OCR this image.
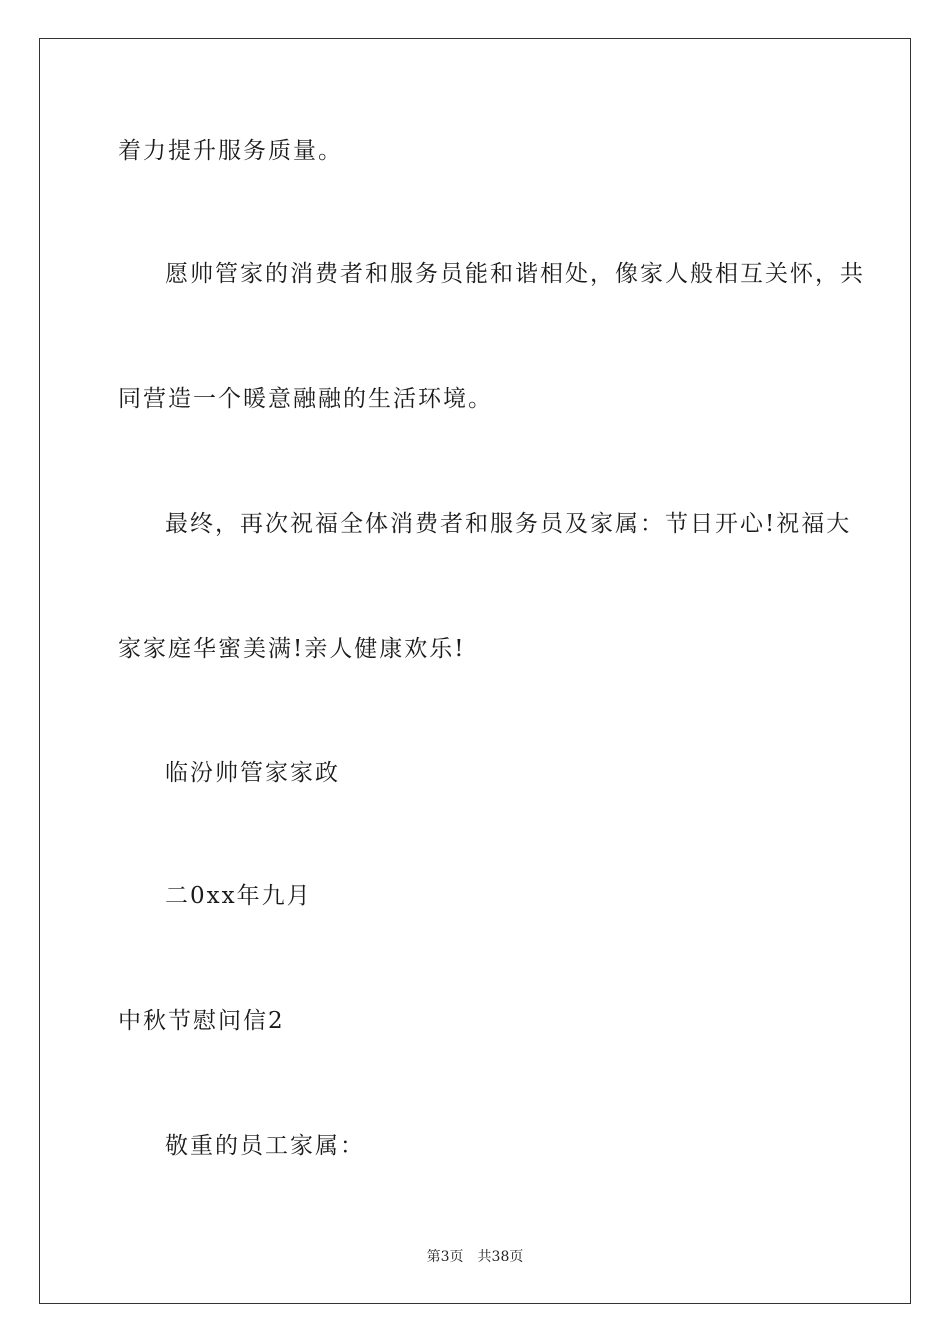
着力提升服务质量。
愿帅管家的消费者和服务员能和谐相处，像家人般相互关怀，共
同营造一个暖意融融的生活环境。
最终，再次祝福全体消费者和服务员及家属：节日开心!祝福大
家家庭华蜜美满!亲人健康欢乐!
临汾帅管家家政
二0xx年九月
中秋节慰问信2
敬重的员工家属：
第3页 共38页
